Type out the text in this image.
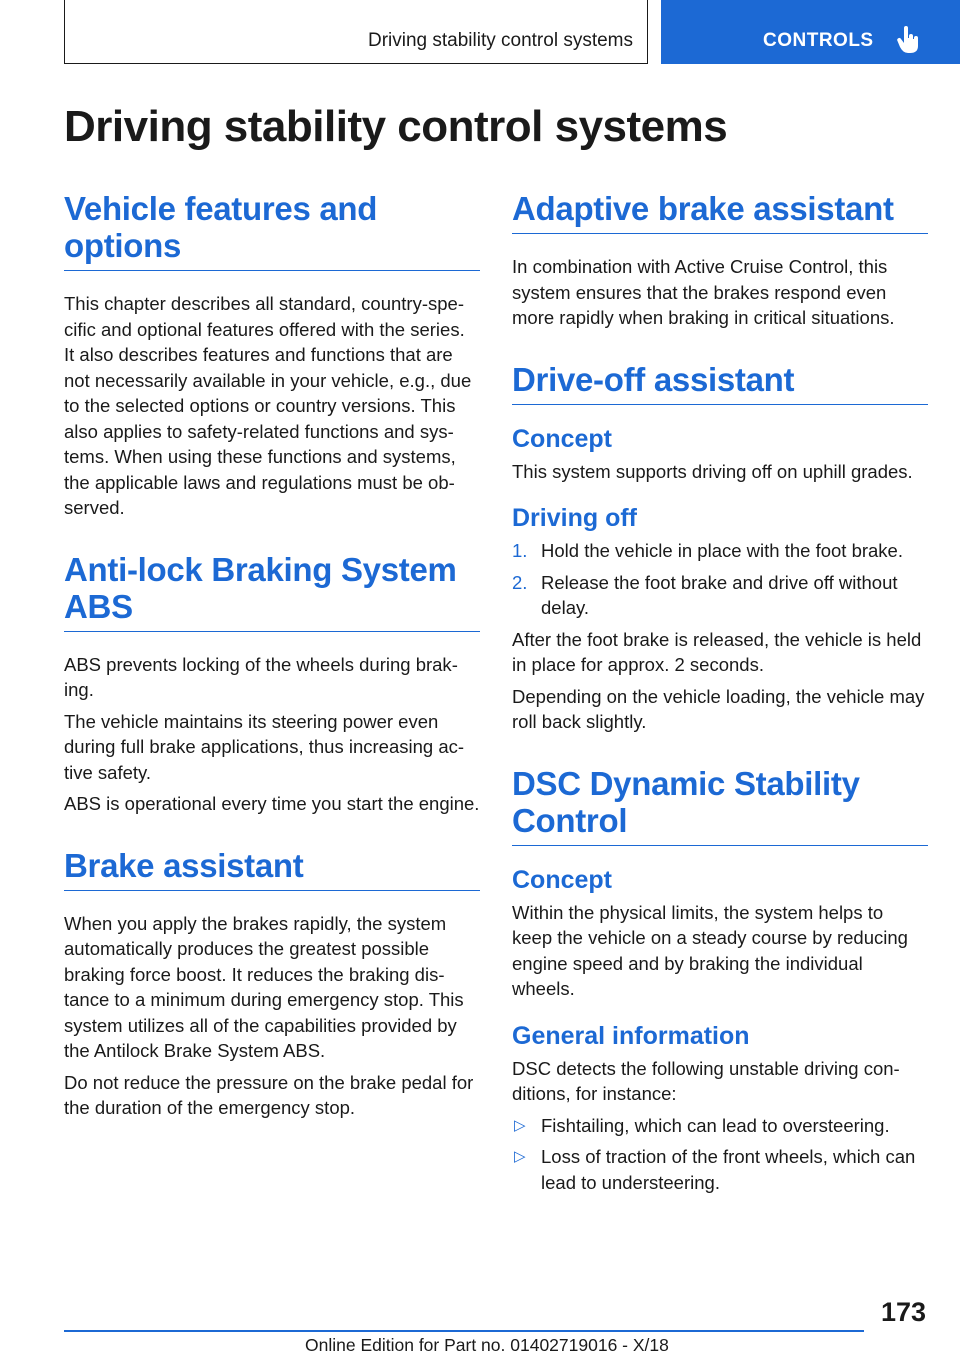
Driving stability control systems	CONTROLS
Driving stability control systems
Vehicle features and options

This chapter describes all standard, country-specific and optional features offered with the series. It also describes features and functions that are not necessarily available in your vehicle, e.g., due to the selected options or country versions. This also applies to safety-related functions and systems. When using these functions and systems, the applicable laws and regulations must be observed.

Anti-lock Braking System ABS

ABS prevents locking of the wheels during braking.

The vehicle maintains its steering power even during full brake applications, thus increasing active safety.

ABS is operational every time you start the engine.

Brake assistant

When you apply the brakes rapidly, the system automatically produces the greatest possible braking force boost. It reduces the braking distance to a minimum during emergency stop. This system utilizes all of the capabilities provided by the Antilock Brake System ABS.

Do not reduce the pressure on the brake pedal for the duration of the emergency stop.

Adaptive brake assistant

In combination with Active Cruise Control, this system ensures that the brakes respond even more rapidly when braking in critical situations.

Drive-off assistant
Concept

This system supports driving off on uphill grades.

Driving off
1. Hold the vehicle in place with the foot brake.
2. Release the foot brake and drive off without delay.

After the foot brake is released, the vehicle is held in place for approx. 2 seconds.

Depending on the vehicle loading, the vehicle may roll back slightly.

DSC Dynamic Stability Control
Concept

Within the physical limits, the system helps to keep the vehicle on a steady course by reducing engine speed and by braking the individual wheels.

General information

DSC detects the following unstable driving conditions, for instance:

▷ Fishtailing, which can lead to oversteering.
▷ Loss of traction of the front wheels, which can lead to understeering.
173
Online Edition for Part no. 01402719016 - X/18
